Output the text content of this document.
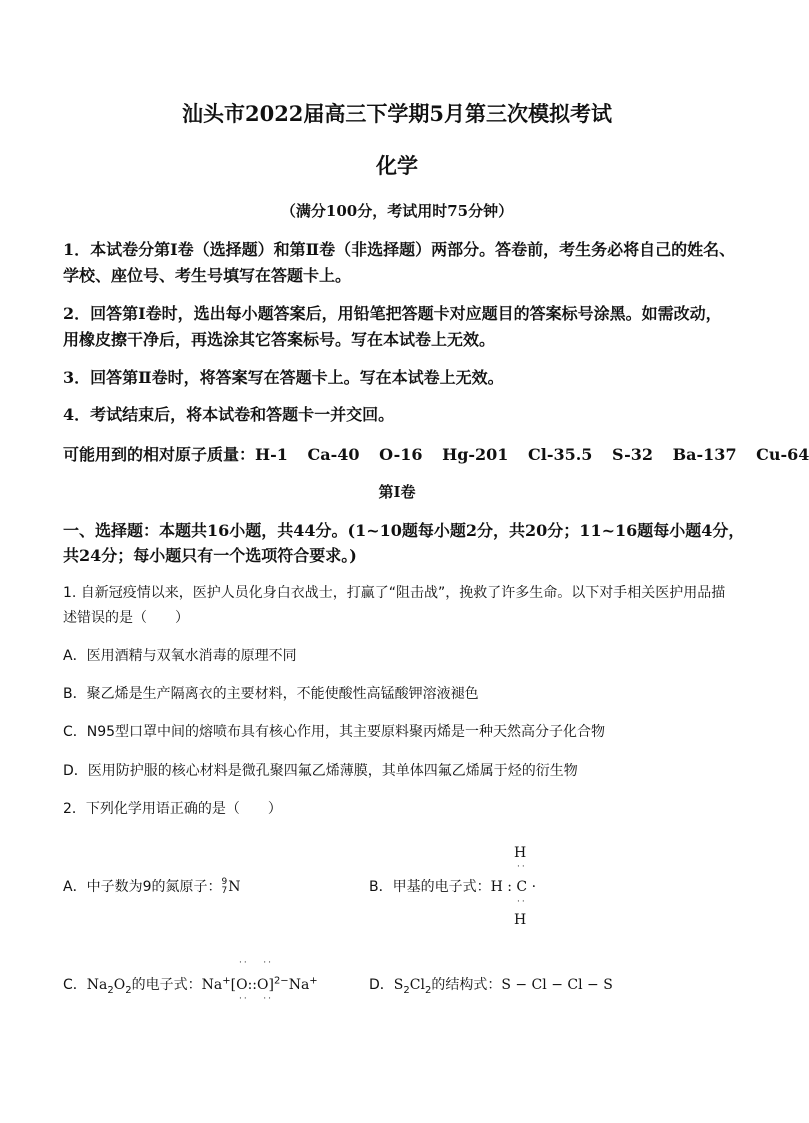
汕头市2022届高三下学期5月第三次模拟考试
化学
（满分100分，考试用时75分钟）
1．本试卷分第Ⅰ卷（选择题）和第Ⅱ卷（非选择题）两部分。答卷前，考生务必将自己的姓名、
学校、座位号、考生号填写在答题卡上。
2．回答第Ⅰ卷时，选出每小题答案后，用铅笔把答题卡对应题目的答案标号涂黑。如需改动，
用橡皮擦干净后，再选涂其它答案标号。写在本试卷上无效。
3．回答第Ⅱ卷时，将答案写在答题卡上。写在本试卷上无效。
4．考试结束后，将本试卷和答题卡一并交回。
可能用到的相对原子质量：H-1 Ca-40 O-16 Hg-201 Cl-35.5 S-32 Ba-137 Cu-64
第Ⅰ卷
一、选择题：本题共16小题，共44分。(1~10题每小题2分，共20分；11~16题每小题4分，
共24分；每小题只有一个选项符合要求。)
1. 自新冠疫情以来，医护人员化身白衣战士，打赢了“阻击战”，挽救了许多生命。以下对手相关医护用品描
述错误的是（　　）
A．医用酒精与双氧水消毒的原理不同
B．聚乙烯是生产隔离衣的主要材料，不能使酸性高锰酸钾溶液褪色
C．N95型口罩中间的熔喷布具有核心作用，其主要原料聚丙烯是一种天然高分子化合物
D．医用防护服的核心材料是微孔聚四氟乙烯薄膜，其单体四氟乙烯属于烃的衍生物
2．下列化学用语正确的是（　　）
A．中子数为9的氮原子： 9
7 N
H
··
B．甲基的电子式：H : C ·
··
H
··   ··
C．$Na_2O_2$的电子式：Na+[O::O]$^{2-}$Na+
··   ··
D．$S_2Cl_2$的结构式：S − Cl − Cl − S
